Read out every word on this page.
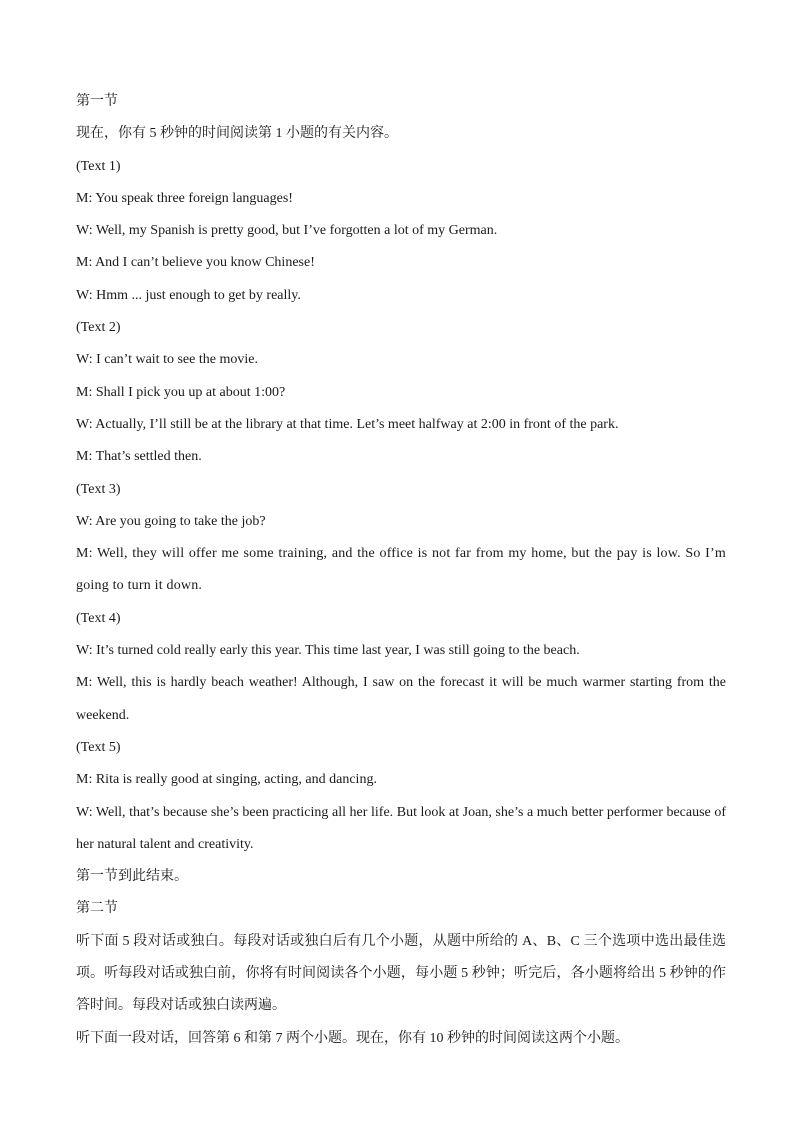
第一节
现在，你有 5 秒钟的时间阅读第 1 小题的有关内容。
(Text 1)
M: You speak three foreign languages!
W: Well, my Spanish is pretty good, but I’ve forgotten a lot of my German.
M: And I can’t believe you know Chinese!
W: Hmm ... just enough to get by really.
(Text 2)
W: I can’t wait to see the movie.
M: Shall I pick you up at about 1:00?
W: Actually, I’ll still be at the library at that time. Let’s meet halfway at 2:00 in front of the park.
M: That’s settled then.
(Text 3)
W: Are you going to take the job?
M: Well, they will offer me some training, and the office is not far from my home, but the pay is low. So I’m going to turn it down.
(Text 4)
W: It’s turned cold really early this year. This time last year, I was still going to the beach.
M: Well, this is hardly beach weather! Although, I saw on the forecast it will be much warmer starting from the weekend.
(Text 5)
M: Rita is really good at singing, acting, and dancing.
W: Well, that’s because she’s been practicing all her life. But look at Joan, she’s a much better performer because of her natural talent and creativity.
第一节到此结束。
第二节
听下面 5 段对话或独白。每段对话或独白后有几个小题，从题中所给的 A、B、C 三个选项中选出最佳选项。听每段对话或独白前，你将有时间阅读各个小题，每小题 5 秒钟；听完后，各小题将给出 5 秒钟的作答时间。每段对话或独白读两遍。
听下面一段对话，回答第 6 和第 7 两个小题。现在，你有 10 秒钟的时间阅读这两个小题。
